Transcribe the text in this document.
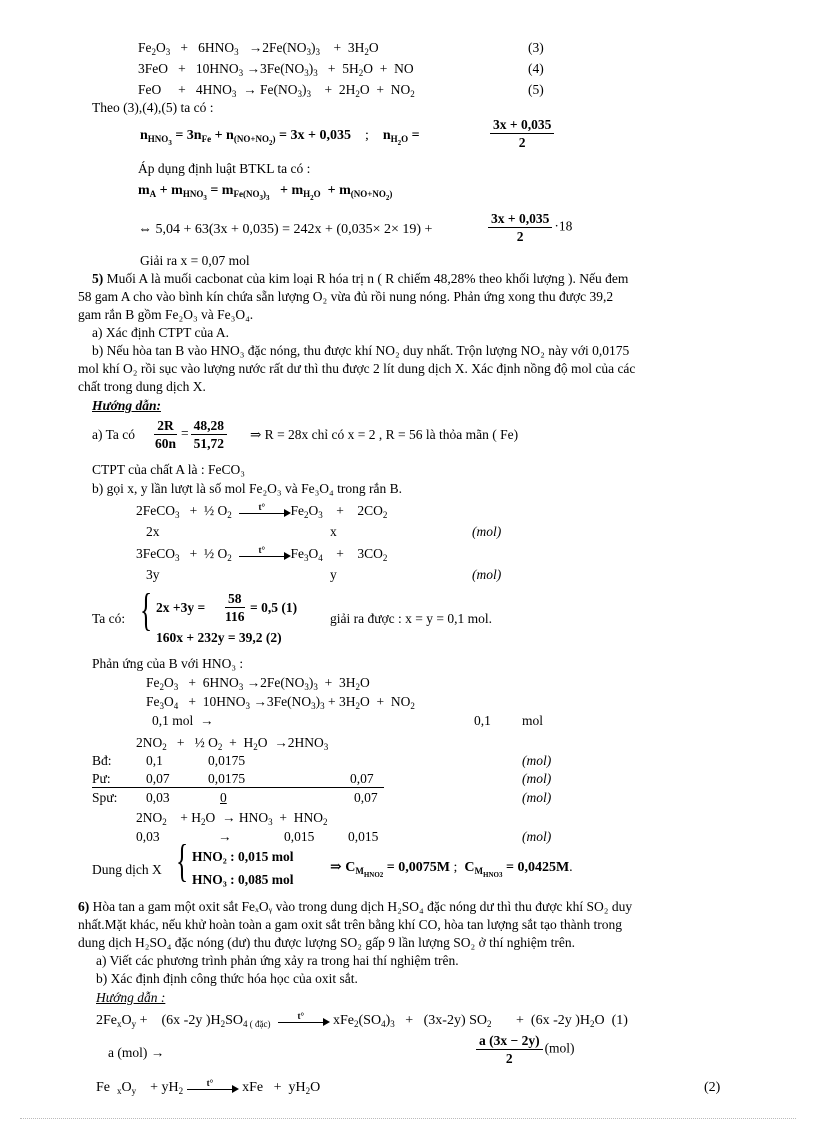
$Fe_2O_3 + 6HNO_3 \to 2Fe(NO_3)_3$    +  $3H_2O$	(3)
$3FeO + 10HNO_3 \to 3Fe(NO_3)_3 + 5H_2O$  +  NO	(4)
FeO     +   $4HNO_3 \to Fe(NO_3)_3$    +  $2H_2O + NO_2$	(5)
Theo (3),(4),(5) ta có :
$n_{HNO_3} = 3n_{Fe} + n_{(NO+NO_2)} = 3x + 0,035$    ;    $n_{H_2O}$ =	$\frac{3x + 0,035}{2}$
Áp dụng định luật BTKL ta có :
$m_A + m_{HNO_3} = m_{Fe(NO_3)_3} + m_{H_2O} + m_{(NO+NO_2)}$
⇔ 5,04 + 63(3x + 0,035) = 242x + (0,035× 2× 19) +	$\frac{3x + 0,035}{2} \cdot 18$
Giải ra x = 0,07 mol
5) Muối A là muối cacbonat của kim loại R hóa trị n ( R chiếm 48,28% theo khối lượng ). Nếu đem
58 gam A cho vào bình kín chứa sẵn lượng O₂ vừa đủ rồi nung nóng. Phản ứng xong thu được 39,2
gam rắn B gồm Fe₂O₃ và Fe₃O₄.
a) Xác định CTPT của A.
b) Nếu hòa tan B vào HNO₃ đặc nóng, thu được khí NO₂ duy nhất. Trộn lượng NO₂ này với 0,0175
mol khí O₂ rồi sục vào lượng nước rất dư thì thu được 2 lít dung dịch X. Xác định nồng độ mol của các
chất trong dung dịch X.
Hướng dẫn:
a) Ta có $\frac{2R}{60n} = \frac{48,28}{51,72}$ ⇒ R = 28x chỉ có x = 2 , R = 56 là thỏa mãn ( Fe)
CTPT của chất A là : FeCO₃
b) gọi x, y lần lượt là số mol Fe₂O₃ và Fe₃O₄ trong rắn B.
2FeCO$_3$   +  ½ $O_2$
t° $Fe_2O_3$    +    $2CO_2$
2x	x	(mol)
3FeCO$_3$   +  ½ $O_2$
t° $Fe_3O_4$    +    $3CO_2$
3y	y	(mol)
Ta có: { $2x +3y = \frac{58}{116} = 0,5$ (1)
160x + 232y = 39,2 (2)
giải ra được : x = y = 0,1 mol.
Phản ứng của B với HNO₃ :
$Fe_2O_3 + 6HNO_3 \to 2Fe(NO_3)_3 + 3H_2O$
$Fe_3O_4 + 10HNO_3 \to 3Fe(NO_3)_3 + 3H_2O + NO_2$
0,1 mol  →	0,1 mol
$2NO_2$   +   ½ $O_2 + H_2O \to 2HNO_3$
Bđ:	0,1	0,0175	(mol)
Pư:	0,07	0,0175	0,07	(mol)
Spư: 0,03	0	0,07	(mol)
$2NO_2$    + $H_2O \to HNO_3 + HNO_2$
0,03	→	0,015 0,015	(mol)
Dung dịch X { HNO₂ : 0,015 mol
HNO₃ : 0,085 mol
⇒ $C_{M_{HNO2}} = 0,0075M$ ;  $C_{M_{HNO3}} = 0,0425M$.
6) Hòa tan a gam một oxit sắt FeₓOᵧ vào trong dung dịch H₂SO₄ đặc nóng dư thì thu được khí SO₂ duy
nhất.Mặt khác, nếu khử hoàn toàn a gam oxit sắt trên bằng khí CO, hòa tan lượng sắt tạo thành trong
dung dịch H₂SO₄ đặc nóng (dư) thu được lượng SO₂ gấp 9 lần lượng SO₂ ở thí nghiệm trên.
a) Viết các phương trình phản ứng xảy ra trong hai thí nghiệm trên.
b) Xác định định công thức hóa học của oxit sắt.
Hướng dẫn :
$2Fe_xO_y$ +    (6x -2y )$H_2SO_{4 ( đặc)}$
t° $xFe_2(SO_4)_3 + (3x-2y)$ $SO_2$       +  (6x -2y )$H_2O$  (1)
a (mol) →	$\frac{a (3x - 2y)}{2} (mol)$
Fe  $_xO_y$    + $yH_2$
t° xFe   +  $yH_2O$	(2)
